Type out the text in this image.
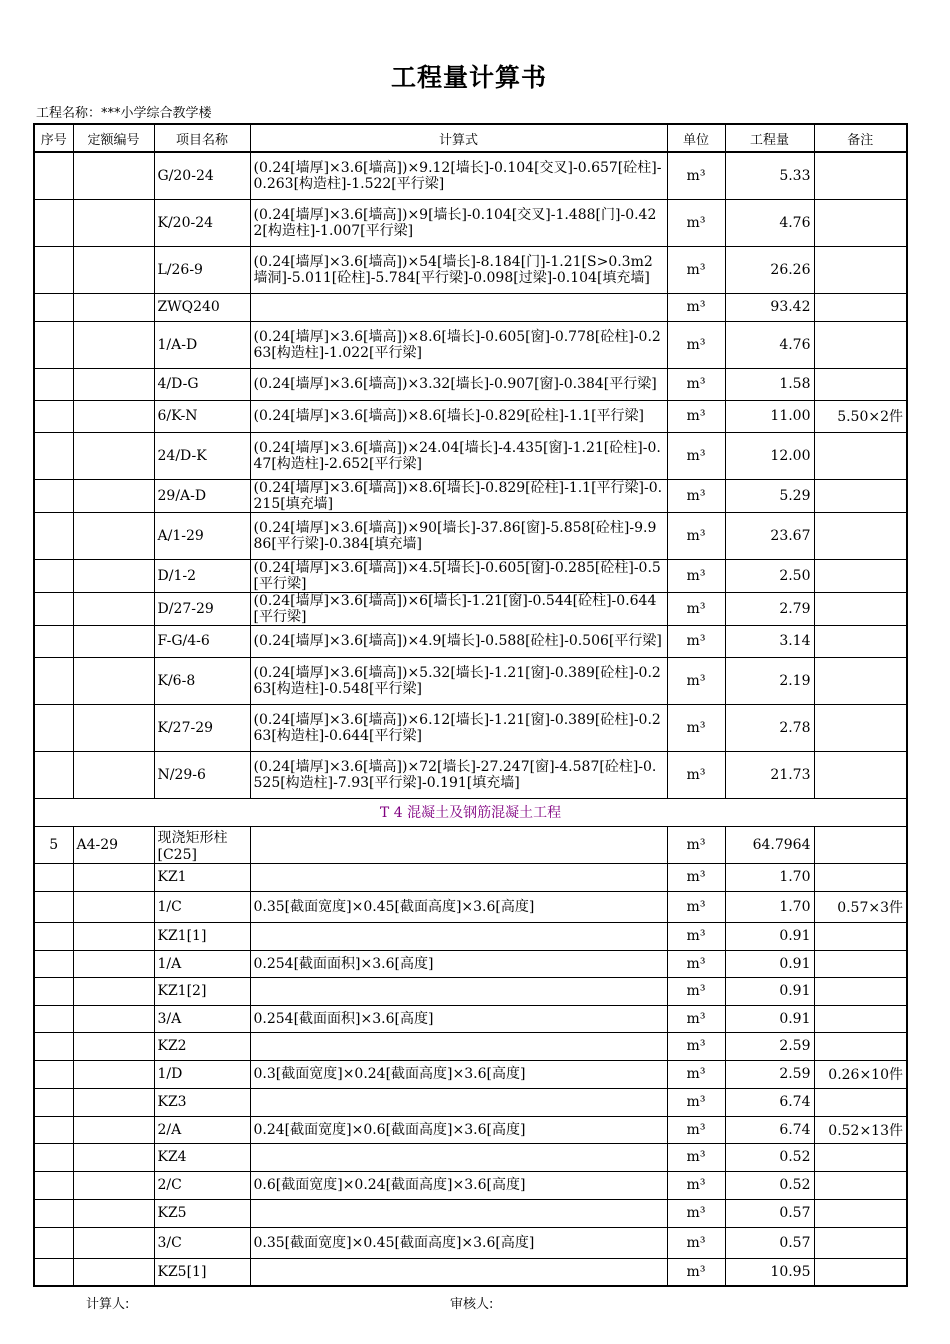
工程量计算书
工程名称：***小学综合教学楼
序号	定额编号	项目名称	计算式	单位	工程量	备注
		G/20-24	(0.24[墙厚]×3.6[墙高])×9.12[墙长]-0.104[交叉]-0.657[砼柱]-0.263[构造柱]-1.522[平行梁]	m³	5.33	
		K/20-24	(0.24[墙厚]×3.6[墙高])×9[墙长]-0.104[交叉]-1.488[门]-0.422[构造柱]-1.007[平行梁]	m³	4.76	
		L/26-9	(0.24[墙厚]×3.6[墙高])×54[墙长]-8.184[门]-1.21[S>0.3m2墙洞]-5.011[砼柱]-5.784[平行梁]-0.098[过梁]-0.104[填充墙]	m³	26.26	
		ZWQ240		m³	93.42	
		1/A-D	(0.24[墙厚]×3.6[墙高])×8.6[墙长]-0.605[窗]-0.778[砼柱]-0.263[构造柱]-1.022[平行梁]	m³	4.76	
		4/D-G	(0.24[墙厚]×3.6[墙高])×3.32[墙长]-0.907[窗]-0.384[平行梁]	m³	1.58	
		6/K-N	(0.24[墙厚]×3.6[墙高])×8.6[墙长]-0.829[砼柱]-1.1[平行梁]	m³	11.00	5.50×2件
		24/D-K	(0.24[墙厚]×3.6[墙高])×24.04[墙长]-4.435[窗]-1.21[砼柱]-0.47[构造柱]-2.652[平行梁]	m³	12.00	
		29/A-D	(0.24[墙厚]×3.6[墙高])×8.6[墙长]-0.829[砼柱]-1.1[平行梁]-0.215[填充墙]	m³	5.29	
		A/1-29	(0.24[墙厚]×3.6[墙高])×90[墙长]-37.86[窗]-5.858[砼柱]-9.986[平行梁]-0.384[填充墙]	m³	23.67	
		D/1-2	(0.24[墙厚]×3.6[墙高])×4.5[墙长]-0.605[窗]-0.285[砼柱]-0.5[平行梁]	m³	2.50	
		D/27-29	(0.24[墙厚]×3.6[墙高])×6[墙长]-1.21[窗]-0.544[砼柱]-0.644[平行梁]	m³	2.79	
		F-G/4-6	(0.24[墙厚]×3.6[墙高])×4.9[墙长]-0.588[砼柱]-0.506[平行梁]	m³	3.14	
		K/6-8	(0.24[墙厚]×3.6[墙高])×5.32[墙长]-1.21[窗]-0.389[砼柱]-0.263[构造柱]-0.548[平行梁]	m³	2.19	
		K/27-29	(0.24[墙厚]×3.6[墙高])×6.12[墙长]-1.21[窗]-0.389[砼柱]-0.263[构造柱]-0.644[平行梁]	m³	2.78	
		N/29-6	(0.24[墙厚]×3.6[墙高])×72[墙长]-27.247[窗]-4.587[砼柱]-0.525[构造柱]-7.93[平行梁]-0.191[填充墙]	m³	21.73	
T 4 混凝土及钢筋混凝土工程						
5	A4-29	现浇矩形柱[C25]		m³	64.7964	
		KZ1		m³	1.70	
		1/C	0.35[截面宽度]×0.45[截面高度]×3.6[高度]	m³	1.70	0.57×3件
		KZ1[1]		m³	0.91	
		1/A	0.254[截面面积]×3.6[高度]	m³	0.91	
		KZ1[2]		m³	0.91	
		3/A	0.254[截面面积]×3.6[高度]	m³	0.91	
		KZ2		m³	2.59	
		1/D	0.3[截面宽度]×0.24[截面高度]×3.6[高度]	m³	2.59	0.26×10件
		KZ3		m³	6.74	
		2/A	0.24[截面宽度]×0.6[截面高度]×3.6[高度]	m³	6.74	0.52×13件
		KZ4		m³	0.52	
		2/C	0.6[截面宽度]×0.24[截面高度]×3.6[高度]	m³	0.52	
		KZ5		m³	0.57	
		3/C	0.35[截面宽度]×0.45[截面高度]×3.6[高度]	m³	0.57	
		KZ5[1]		m³	10.95	
计算人:	审核人:
